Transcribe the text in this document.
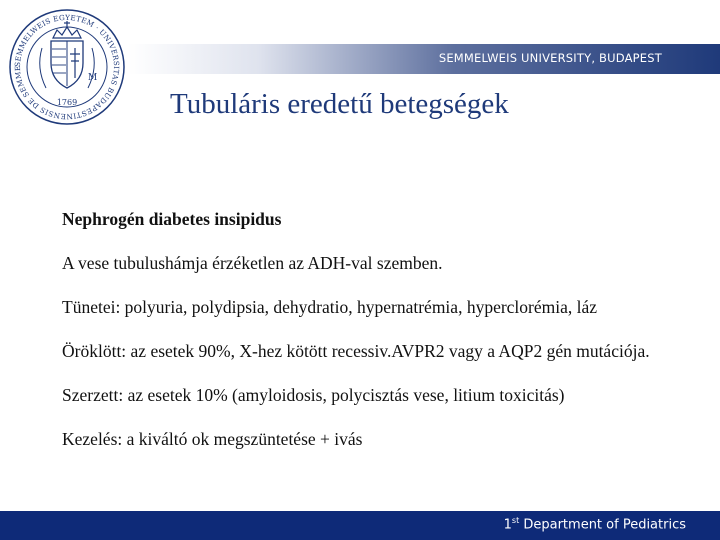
SEMMELWEIS EGYETEM · UNIVERSITAS BUDAPESTINENSIS DE SEMME
M
1769
SEMMELWEIS UNIVERSITY, BUDAPEST
Tubuláris eredetű betegségek

Nephrogén diabetes insipidus

A vese tubulushámja érzéketlen az ADH-val szemben.

Tünetei: polyuria, polydipsia, dehydratio, hypernatrémia, hyperclorémia, láz

Öröklött: az esetek 90%, X-hez kötött recessiv.AVPR2 vagy a AQP2 gén mutációja.

Szerzett: az esetek 10% (amyloidosis, polycisztás vese, litium toxicitás)

Kezelés: a kiváltó ok megszüntetése + ivás

1st Department of Pediatrics
